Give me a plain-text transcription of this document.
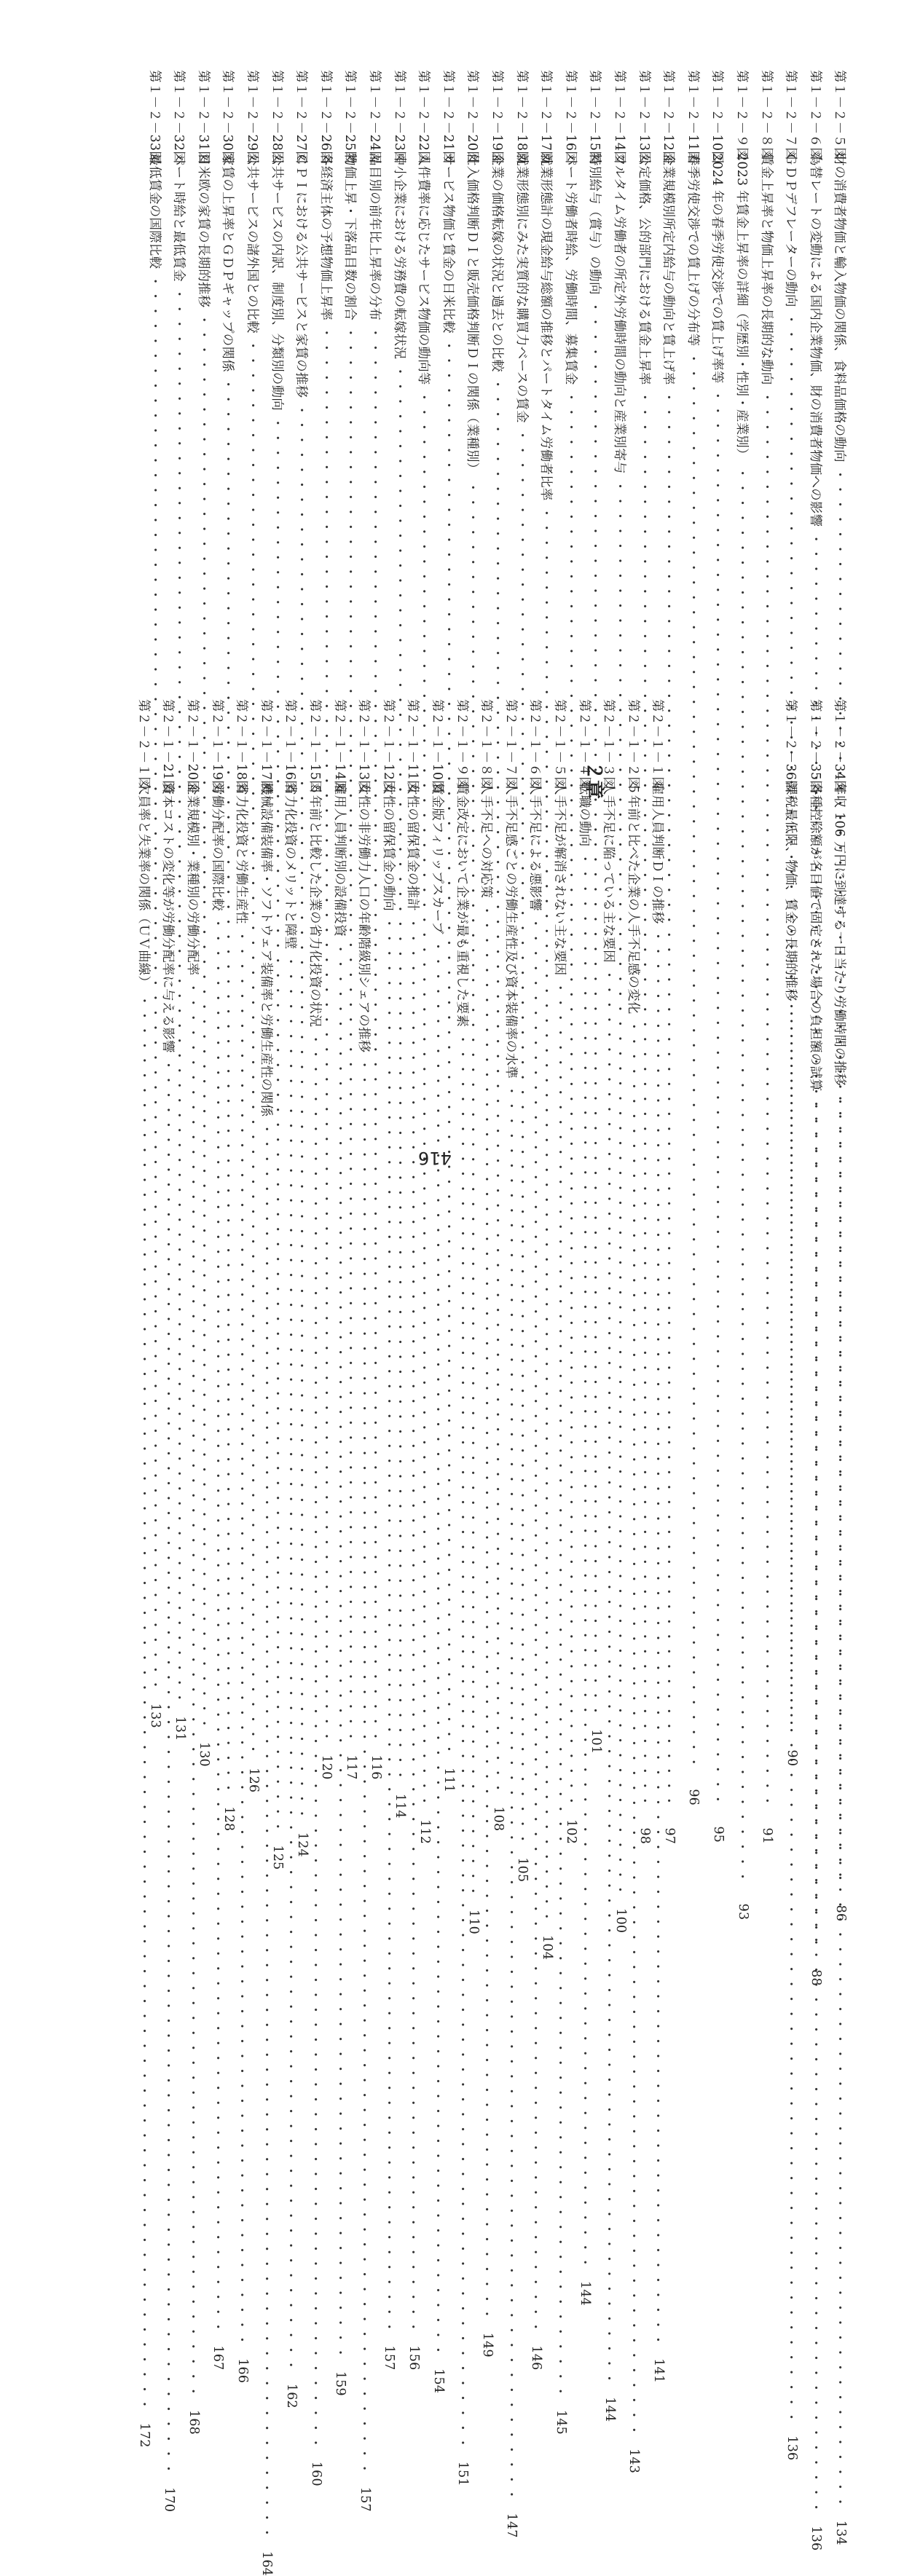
第１－２－５図
財の消費者物価と輸入物価の関係、食料品価格の動向
・・・・・・・・・・・・・・・・・・・・・・・・・・・・・・・・・・・・・・・・・・・・・・・・・・・・・・・・・・・・・・・・・・・・・・・・・・・・・・・・・・・・・・・・・・・・・・・
86
第１－２－６図
為替レートの変動による国内企業物価、財の消費者物価への影響
・・・・・・・・・・・・・・・・・・・・・・・・・・・・・・・・・・・・・・・・・・・・・・・・・・・・・・・・・・・・・・・・・・・・・・・・・・・・・・・・・・・・・・・・・・・・・・・
88
第１－２－７図
ＧＤＰデフレーターの動向
・・・・・・・・・・・・・・・・・・・・・・・・・・・・・・・・・・・・・・・・・・・・・・・・・・・・・・・・・・・・・・・・・・・・・・・・・・・・・・・・・・・・・・・・・・・・・・・
90
第１－２－８図
賃金上昇率と物価上昇率の長期的な動向
・・・・・・・・・・・・・・・・・・・・・・・・・・・・・・・・・・・・・・・・・・・・・・・・・・・・・・・・・・・・・・・・・・・・・・・・・・・・・・・・・・・・・・・・・・・・・・・
91
第１－２－９図
2023 年賃金上昇率の詳細（学歴別・性別・産業別）
・・・・・・・・・・・・・・・・・・・・・・・・・・・・・・・・・・・・・・・・・・・・・・・・・・・・・・・・・・・・・・・・・・・・・・・・・・・・・・・・・・・・・・・・・・・・・・・
93
第１－２－10図
2024 年の春季労使交渉での賃上げ率等
・・・・・・・・・・・・・・・・・・・・・・・・・・・・・・・・・・・・・・・・・・・・・・・・・・・・・・・・・・・・・・・・・・・・・・・・・・・・・・・・・・・・・・・・・・・・・・・
95
第１－２－11図
春季労使交渉での賃上げの分布等
・・・・・・・・・・・・・・・・・・・・・・・・・・・・・・・・・・・・・・・・・・・・・・・・・・・・・・・・・・・・・・・・・・・・・・・・・・・・・・・・・・・・・・・・・・・・・・・
96
第１－２－12図
企業規模別所定内給与の動向と賃上げ率
・・・・・・・・・・・・・・・・・・・・・・・・・・・・・・・・・・・・・・・・・・・・・・・・・・・・・・・・・・・・・・・・・・・・・・・・・・・・・・・・・・・・・・・・・・・・・・・
97
第１－２－13図
公定価格、公的部門における賃金上昇率
・・・・・・・・・・・・・・・・・・・・・・・・・・・・・・・・・・・・・・・・・・・・・・・・・・・・・・・・・・・・・・・・・・・・・・・・・・・・・・・・・・・・・・・・・・・・・・・
98
第１－２－14図
フルタイム労働者の所定外労働時間の動向と産業別寄与
・・・・・・・・・・・・・・・・・・・・・・・・・・・・・・・・・・・・・・・・・・・・・・・・・・・・・・・・・・・・・・・・・・・・・・・・・・・・・・・・・・・・・・・・・・・・・・・
100
第１－２－15図
特別給与（賞与）の動向
・・・・・・・・・・・・・・・・・・・・・・・・・・・・・・・・・・・・・・・・・・・・・・・・・・・・・・・・・・・・・・・・・・・・・・・・・・・・・・・・・・・・・・・・・・・・・・・
101
第１－２－16図
パート労働者時給、労働時間、募集賃金
・・・・・・・・・・・・・・・・・・・・・・・・・・・・・・・・・・・・・・・・・・・・・・・・・・・・・・・・・・・・・・・・・・・・・・・・・・・・・・・・・・・・・・・・・・・・・・・
102
第１－２－17図
就業形態計の現金給与総額の推移とパートタイム労働者比率
・・・・・・・・・・・・・・・・・・・・・・・・・・・・・・・・・・・・・・・・・・・・・・・・・・・・・・・・・・・・・・・・・・・・・・・・・・・・・・・・・・・・・・・・・・・・・・・
104
第１－２－18図
就業形態別にみた実質的な購買力ベースの賃金
・・・・・・・・・・・・・・・・・・・・・・・・・・・・・・・・・・・・・・・・・・・・・・・・・・・・・・・・・・・・・・・・・・・・・・・・・・・・・・・・・・・・・・・・・・・・・・・
105
第１－２－19図
企業の価格転嫁の状況と過去との比較
・・・・・・・・・・・・・・・・・・・・・・・・・・・・・・・・・・・・・・・・・・・・・・・・・・・・・・・・・・・・・・・・・・・・・・・・・・・・・・・・・・・・・・・・・・・・・・・
108
第１－２－20図
仕入価格判断ＤＩと販売価格判断ＤＩの関係（業種別）
・・・・・・・・・・・・・・・・・・・・・・・・・・・・・・・・・・・・・・・・・・・・・・・・・・・・・・・・・・・・・・・・・・・・・・・・・・・・・・・・・・・・・・・・・・・・・・・
110
第１－２－21図
サービス物価と賃金の日米比較
・・・・・・・・・・・・・・・・・・・・・・・・・・・・・・・・・・・・・・・・・・・・・・・・・・・・・・・・・・・・・・・・・・・・・・・・・・・・・・・・・・・・・・・・・・・・・・・
111
第１－２－22図
人件費率に応じたサービス物価の動向等
・・・・・・・・・・・・・・・・・・・・・・・・・・・・・・・・・・・・・・・・・・・・・・・・・・・・・・・・・・・・・・・・・・・・・・・・・・・・・・・・・・・・・・・・・・・・・・・
112
第１－２－23図
中小企業における労務費の転嫁状況
・・・・・・・・・・・・・・・・・・・・・・・・・・・・・・・・・・・・・・・・・・・・・・・・・・・・・・・・・・・・・・・・・・・・・・・・・・・・・・・・・・・・・・・・・・・・・・・
114
第１－２－24図
品目別の前年比上昇率の分布
・・・・・・・・・・・・・・・・・・・・・・・・・・・・・・・・・・・・・・・・・・・・・・・・・・・・・・・・・・・・・・・・・・・・・・・・・・・・・・・・・・・・・・・・・・・・・・・
116
第１－２－25図
物価上昇・下落品目数の割合
・・・・・・・・・・・・・・・・・・・・・・・・・・・・・・・・・・・・・・・・・・・・・・・・・・・・・・・・・・・・・・・・・・・・・・・・・・・・・・・・・・・・・・・・・・・・・・・
117
第１－２－26図
各経済主体の予想物価上昇率
・・・・・・・・・・・・・・・・・・・・・・・・・・・・・・・・・・・・・・・・・・・・・・・・・・・・・・・・・・・・・・・・・・・・・・・・・・・・・・・・・・・・・・・・・・・・・・・
120
第１－２－27図
ＣＰＩにおける公共サービスと家賃の推移
・・・・・・・・・・・・・・・・・・・・・・・・・・・・・・・・・・・・・・・・・・・・・・・・・・・・・・・・・・・・・・・・・・・・・・・・・・・・・・・・・・・・・・・・・・・・・・・
124
第１－２－28図
公共サービスの内訳、制度別、分類別の動向
・・・・・・・・・・・・・・・・・・・・・・・・・・・・・・・・・・・・・・・・・・・・・・・・・・・・・・・・・・・・・・・・・・・・・・・・・・・・・・・・・・・・・・・・・・・・・・・
125
第１－２－29図
公共サービスの諸外国との比較
・・・・・・・・・・・・・・・・・・・・・・・・・・・・・・・・・・・・・・・・・・・・・・・・・・・・・・・・・・・・・・・・・・・・・・・・・・・・・・・・・・・・・・・・・・・・・・・
126
第１－２－30図
家賃の上昇率とＧＤＰギャップの関係
・・・・・・・・・・・・・・・・・・・・・・・・・・・・・・・・・・・・・・・・・・・・・・・・・・・・・・・・・・・・・・・・・・・・・・・・・・・・・・・・・・・・・・・・・・・・・・・
128
第１－２－31図
日米欧の家賃の長期的推移
・・・・・・・・・・・・・・・・・・・・・・・・・・・・・・・・・・・・・・・・・・・・・・・・・・・・・・・・・・・・・・・・・・・・・・・・・・・・・・・・・・・・・・・・・・・・・・・
130
第１－２－32図
パート時給と最低賃金
・・・・・・・・・・・・・・・・・・・・・・・・・・・・・・・・・・・・・・・・・・・・・・・・・・・・・・・・・・・・・・・・・・・・・・・・・・・・・・・・・・・・・・・・・・・・・・・
131
第１－２－33図
最低賃金の国際比較
・・・・・・・・・・・・・・・・・・・・・・・・・・・・・・・・・・・・・・・・・・・・・・・・・・・・・・・・・・・・・・・・・・・・・・・・・・・・・・・・・・・・・・・・・・・・・・・
133
第１－２－34図
年収 106 万円に到達する一日当たり労働時間の推移
・・・・・・・・・・・・・・・・・・・・・・・・・・・・・・・・・・・・・・・・・・・・・・・・・・・・・・・・・・・・・・・・・・・・・・・・・・・・・・・・・・・・・・・・・・・・・・・
134
第１－２－35図
各種控除額が名目値で固定された場合の負担額の試算
・・・・・・・・・・・・・・・・・・・・・・・・・・・・・・・・・・・・・・・・・・・・・・・・・・・・・・・・・・・・・・・・・・・・・・・・・・・・・・・・・・・・・・・・・・・・・・・
136
第１－２－36図
課税最低限、物価、賃金の長期的推移
・・・・・・・・・・・・・・・・・・・・・・・・・・・・・・・・・・・・・・・・・・・・・・・・・・・・・・・・・・・・・・・・・・・・・・・・・・・・・・・・・・・・・・・・・・・・・・・
136
第２－１－１図
雇用人員判断ＤＩの推移
・・・・・・・・・・・・・・・・・・・・・・・・・・・・・・・・・・・・・・・・・・・・・・・・・・・・・・・・・・・・・・・・・・・・・・・・・・・・・・・・・・・・・・・・・・・・・・・
141
第２－１－２図
５年前と比べた企業の人手不足感の変化
・・・・・・・・・・・・・・・・・・・・・・・・・・・・・・・・・・・・・・・・・・・・・・・・・・・・・・・・・・・・・・・・・・・・・・・・・・・・・・・・・・・・・・・・・・・・・・・
143
第２－１－３図
人手不足に陥っている主な要因
・・・・・・・・・・・・・・・・・・・・・・・・・・・・・・・・・・・・・・・・・・・・・・・・・・・・・・・・・・・・・・・・・・・・・・・・・・・・・・・・・・・・・・・・・・・・・・・
144
第２－１－４図
転職の動向
・・・・・・・・・・・・・・・・・・・・・・・・・・・・・・・・・・・・・・・・・・・・・・・・・・・・・・・・・・・・・・・・・・・・・・・・・・・・・・・・・・・・・・・・・・・・・・・
144
第２－１－５図
人手不足が解消されない主な要因
・・・・・・・・・・・・・・・・・・・・・・・・・・・・・・・・・・・・・・・・・・・・・・・・・・・・・・・・・・・・・・・・・・・・・・・・・・・・・・・・・・・・・・・・・・・・・・・
145
第２－１－６図
人手不足による悪影響
・・・・・・・・・・・・・・・・・・・・・・・・・・・・・・・・・・・・・・・・・・・・・・・・・・・・・・・・・・・・・・・・・・・・・・・・・・・・・・・・・・・・・・・・・・・・・・・
146
第２－１－７図
人手不足感ごとの労働生産性及び資本装備率の水準
・・・・・・・・・・・・・・・・・・・・・・・・・・・・・・・・・・・・・・・・・・・・・・・・・・・・・・・・・・・・・・・・・・・・・・・・・・・・・・・・・・・・・・・・・・・・・・・
147
第２－１－８図
人手不足への対応策
・・・・・・・・・・・・・・・・・・・・・・・・・・・・・・・・・・・・・・・・・・・・・・・・・・・・・・・・・・・・・・・・・・・・・・・・・・・・・・・・・・・・・・・・・・・・・・・
149
第２－１－９図
賃金改定において企業が最も重視した要素
・・・・・・・・・・・・・・・・・・・・・・・・・・・・・・・・・・・・・・・・・・・・・・・・・・・・・・・・・・・・・・・・・・・・・・・・・・・・・・・・・・・・・・・・・・・・・・・
151
第２－１－10図
賃金版フィリップスカーブ
・・・・・・・・・・・・・・・・・・・・・・・・・・・・・・・・・・・・・・・・・・・・・・・・・・・・・・・・・・・・・・・・・・・・・・・・・・・・・・・・・・・・・・・・・・・・・・・
154
第２－１－11図
女性の留保賃金の推計
・・・・・・・・・・・・・・・・・・・・・・・・・・・・・・・・・・・・・・・・・・・・・・・・・・・・・・・・・・・・・・・・・・・・・・・・・・・・・・・・・・・・・・・・・・・・・・・
156
第２－１－12図
女性の留保賃金の動向
・・・・・・・・・・・・・・・・・・・・・・・・・・・・・・・・・・・・・・・・・・・・・・・・・・・・・・・・・・・・・・・・・・・・・・・・・・・・・・・・・・・・・・・・・・・・・・・
157
第２－１－13図
女性の非労働力人口の年齢階級別シェアの推移
・・・・・・・・・・・・・・・・・・・・・・・・・・・・・・・・・・・・・・・・・・・・・・・・・・・・・・・・・・・・・・・・・・・・・・・・・・・・・・・・・・・・・・・・・・・・・・・
157
第２－１－14図
雇用人員判断別の設備投資
・・・・・・・・・・・・・・・・・・・・・・・・・・・・・・・・・・・・・・・・・・・・・・・・・・・・・・・・・・・・・・・・・・・・・・・・・・・・・・・・・・・・・・・・・・・・・・・
159
第２－１－15図
５年前と比較した企業の省力化投資の状況
・・・・・・・・・・・・・・・・・・・・・・・・・・・・・・・・・・・・・・・・・・・・・・・・・・・・・・・・・・・・・・・・・・・・・・・・・・・・・・・・・・・・・・・・・・・・・・・
160
第２－１－16図
省力化投資のメリットと障壁
・・・・・・・・・・・・・・・・・・・・・・・・・・・・・・・・・・・・・・・・・・・・・・・・・・・・・・・・・・・・・・・・・・・・・・・・・・・・・・・・・・・・・・・・・・・・・・・
162
第２－１－17図
機械設備装備率・ソフトウェア装備率と労働生産性の関係
・・・・・・・・・・・・・・・・・・・・・・・・・・・・・・・・・・・・・・・・・・・・・・・・・・・・・・・・・・・・・・・・・・・・・・・・・・・・・・・・・・・・・・・・・・・・・・・
164
第２－１－18図
省力化投資と労働生産性
・・・・・・・・・・・・・・・・・・・・・・・・・・・・・・・・・・・・・・・・・・・・・・・・・・・・・・・・・・・・・・・・・・・・・・・・・・・・・・・・・・・・・・・・・・・・・・・
166
第２－１－19図
労働分配率の国際比較
・・・・・・・・・・・・・・・・・・・・・・・・・・・・・・・・・・・・・・・・・・・・・・・・・・・・・・・・・・・・・・・・・・・・・・・・・・・・・・・・・・・・・・・・・・・・・・・
167
第２－１－20図
企業規模別・業種別の労働分配率
・・・・・・・・・・・・・・・・・・・・・・・・・・・・・・・・・・・・・・・・・・・・・・・・・・・・・・・・・・・・・・・・・・・・・・・・・・・・・・・・・・・・・・・・・・・・・・・
168
第２－１－21図
資本コストの変化等が労働分配率に与える影響
・・・・・・・・・・・・・・・・・・・・・・・・・・・・・・・・・・・・・・・・・・・・・・・・・・・・・・・・・・・・・・・・・・・・・・・・・・・・・・・・・・・・・・・・・・・・・・・
170
第２－２－１図
欠員率と失業率の関係（ＵＶ曲線）
・・・・・・・・・・・・・・・・・・・・・・・・・・・・・・・・・・・・・・・・・・・・・・・・・・・・・・・・・・・・・・・・・・・・・・・・・・・・・・・・・・・・・・・・・・・・・・・
172
２章
416
